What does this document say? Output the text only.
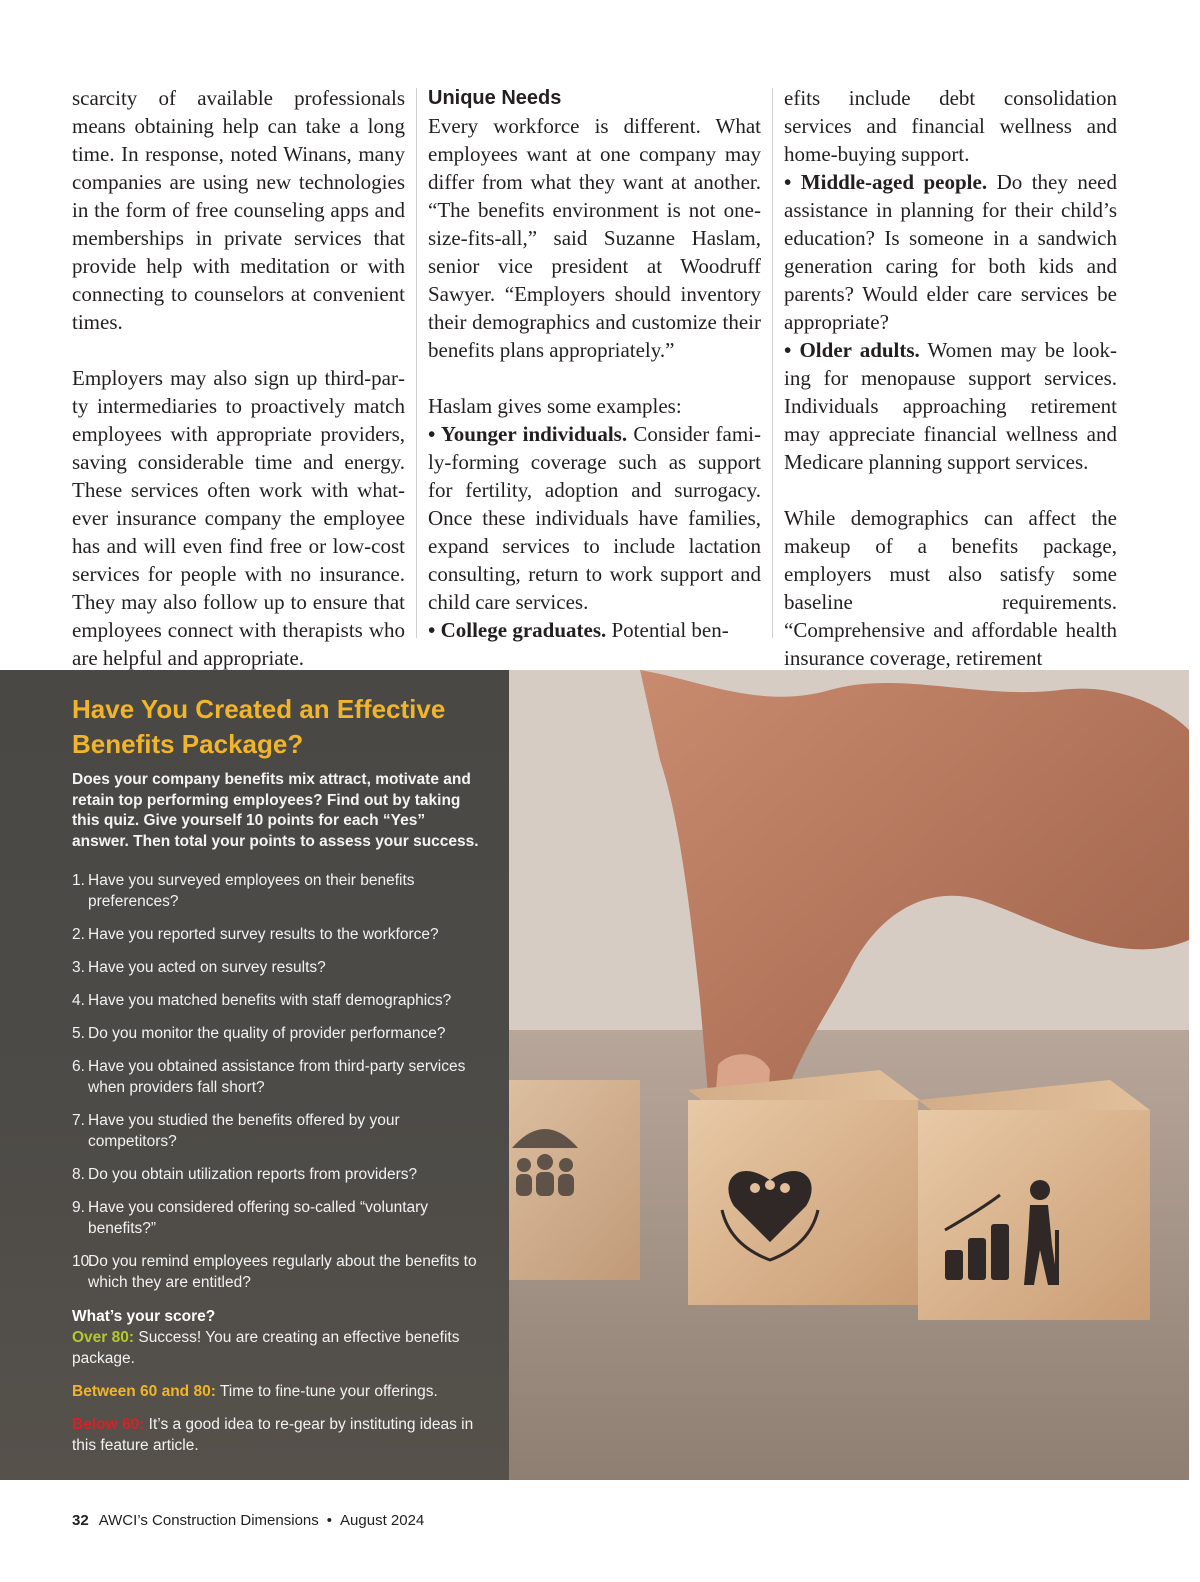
scarcity of available professionals means obtaining help can take a long time. In response, noted Winans, many companies are using new technologies in the form of free counseling apps and memberships in private services that provide help with meditation or with connecting to counselors at convenient times.

Employers may also sign up third-party intermediaries to proactively match employees with appropriate providers, saving considerable time and energy. These services often work with whatever insurance company the employee has and will even find free or low-cost services for people with no insurance. They may also follow up to ensure that employees connect with therapists who are helpful and appropriate.

Unique Needs

Every workforce is different. What employees want at one company may differ from what they want at another. “The benefits environment is not one-size-fits-all,” said Suzanne Haslam, senior vice president at Woodruff Sawyer. “Employers should inventory their demographics and customize their benefits plans appropriately.”

Haslam gives some examples:

• Younger individuals. Consider family-forming coverage such as support for fertility, adoption and surrogacy. Once these individuals have families, expand services to include lactation consulting, return to work support and child care services.

• College graduates. Potential ben-

efits include debt consolidation services and financial wellness and home-buying support.

• Middle-aged people. Do they need assistance in planning for their child’s education? Is someone in a sandwich generation caring for both kids and parents? Would elder care services be appropriate?

• Older adults. Women may be looking for menopause support services. Individuals approaching retirement may appreciate financial wellness and Medicare planning support services.

While demographics can affect the makeup of a benefits package, employers must also satisfy some baseline requirements. “Comprehensive and affordable health insurance coverage, retirement

Have You Created an Effective Benefits Package?

Does your company benefits mix attract, motivate and retain top performing employees? Find out by taking this quiz. Give yourself 10 points for each “Yes” answer. Then total your points to assess your success.

1. Have you surveyed employees on their benefits preferences?
2. Have you reported survey results to the workforce?
3. Have you acted on survey results?
4. Have you matched benefits with staff demographics?
5. Do you monitor the quality of provider performance?
6. Have you obtained assistance from third-party services when providers fall short?
7. Have you studied the benefits offered by your competitors?
8. Do you obtain utilization reports from providers?
9. Have you considered offering so-called “voluntary benefits?”
10.
Do you remind employees regularly about the benefits to which they are entitled?

What’s your score?

Over 80: Success! You are creating an effective benefits package.

Between 60 and 80: Time to fine-tune your offerings.

Below 60: It’s a good idea to re-gear by instituting ideas in this feature article.

32 AWCI’s Construction Dimensions • August 2024
